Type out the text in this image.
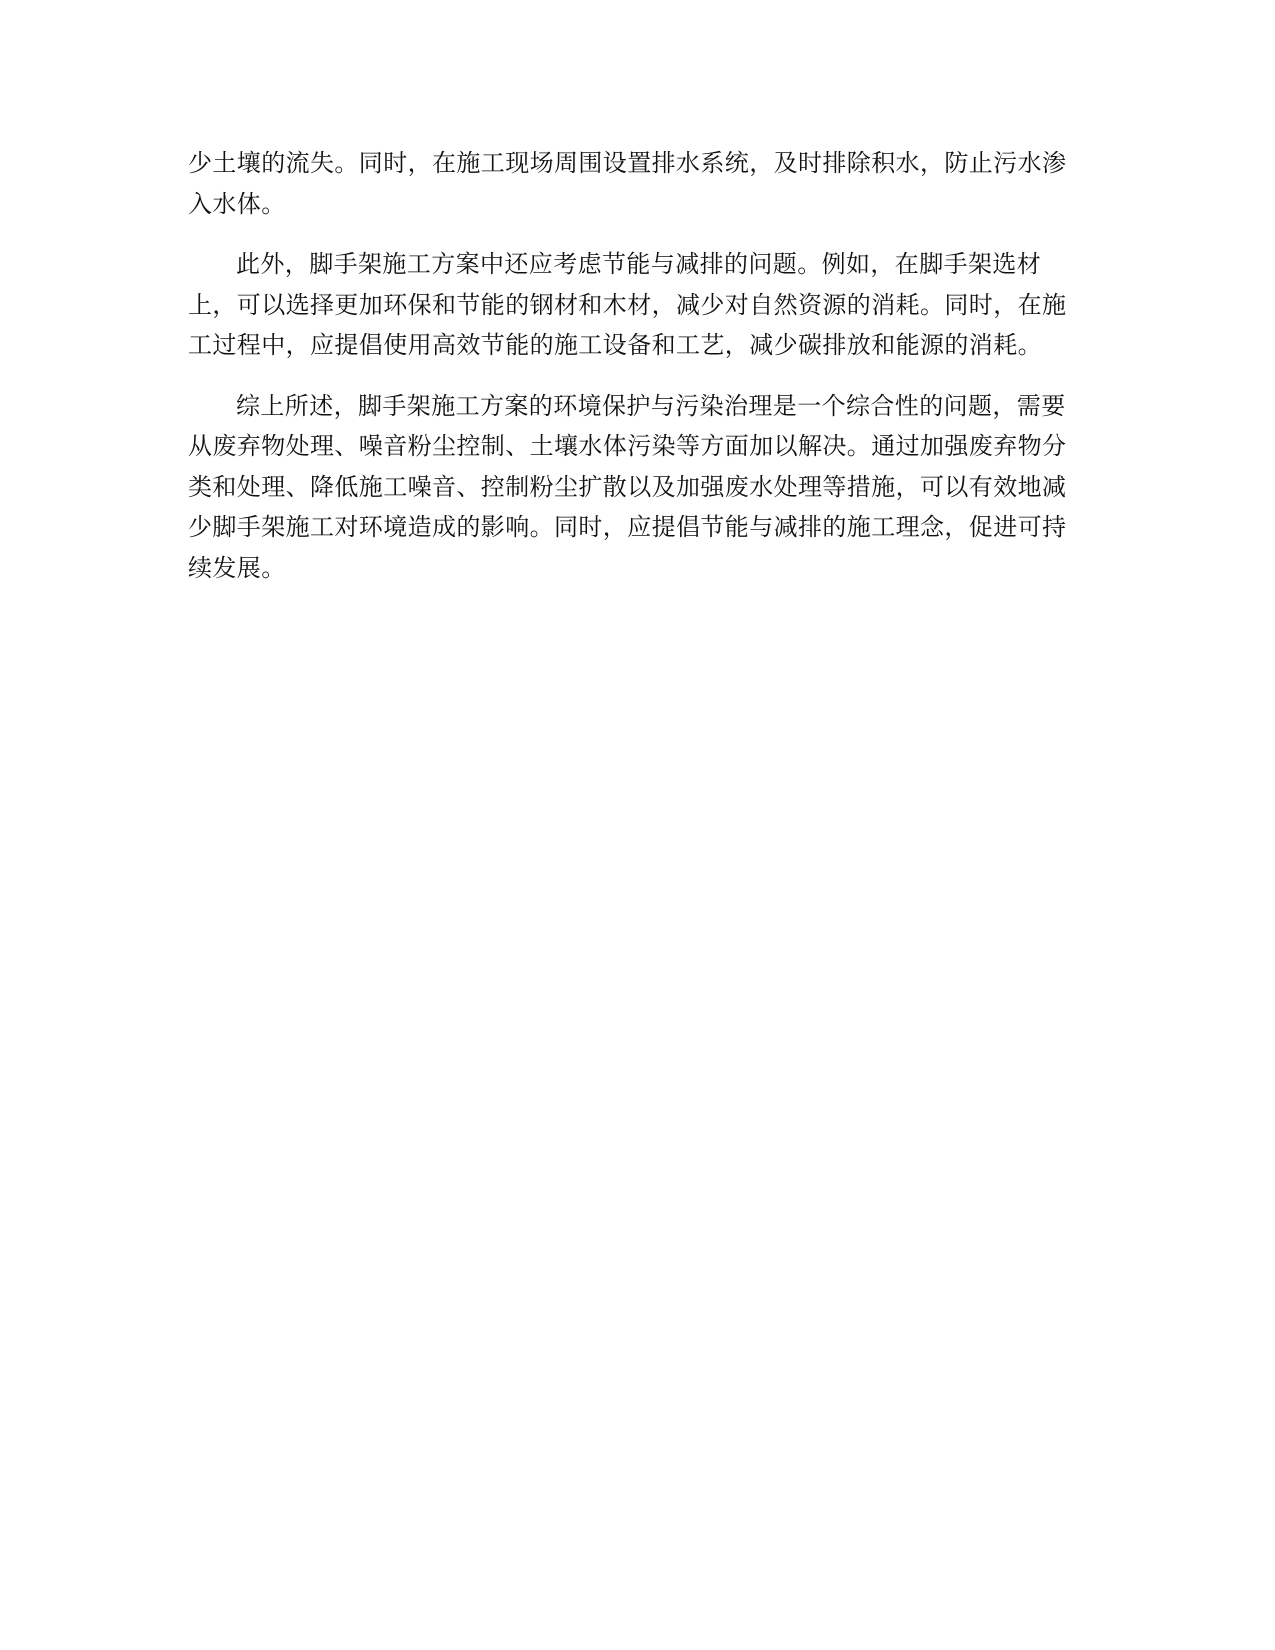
少土壤的流失。同时，在施工现场周围设置排水系统，及时排除积水，防止污水渗
入水体。

此外，脚手架施工方案中还应考虑节能与减排的问题。例如，在脚手架选材
上，可以选择更加环保和节能的钢材和木材，减少对自然资源的消耗。同时，在施
工过程中，应提倡使用高效节能的施工设备和工艺，减少碳排放和能源的消耗。

综上所述，脚手架施工方案的环境保护与污染治理是一个综合性的问题，需要
从废弃物处理、噪音粉尘控制、土壤水体污染等方面加以解决。通过加强废弃物分
类和处理、降低施工噪音、控制粉尘扩散以及加强废水处理等措施，可以有效地减
少脚手架施工对环境造成的影响。同时，应提倡节能与减排的施工理念，促进可持
续发展。
